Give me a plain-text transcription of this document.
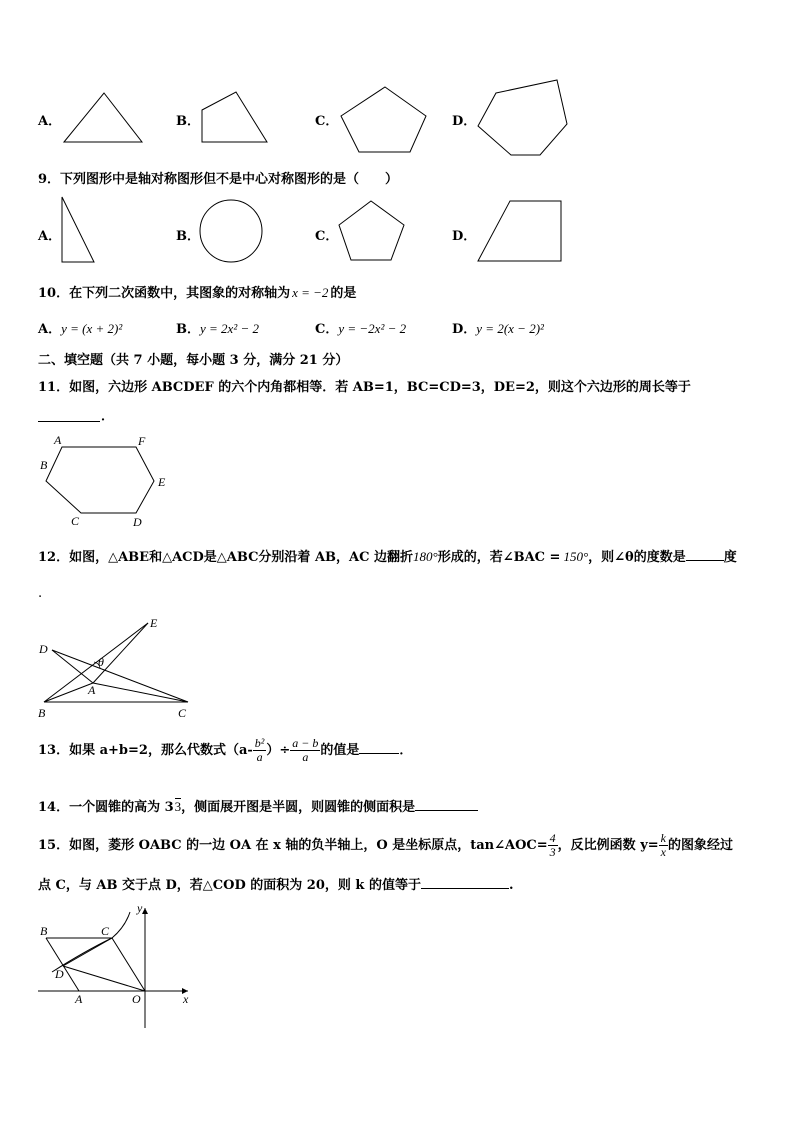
A．	B．	C．	D．
9．下列图形中是轴对称图形但不是中心对称图形的是（　　）
A．	B．	C．	D．
10．在下列二次函数中，其图象的对称轴为 x = −2 的是
A．y = (x + 2)²	B．y = 2x² − 2	C．y = −2x² − 2	D．y = 2(x − 2)²
二、填空题（共 7 小题，每小题 3 分，满分 21 分）
11．如图，六边形 ABCDEF 的六个内角都相等．若 AB=1，BC=CD=3，DE=2，则这个六边形的周长等于
．
A
B
C	D
E
F
12．如图，△ABE和△ACD是△ABC分别沿着 AB，AC 边翻折180°形成的，若∠BAC = 150°，则∠θ的度数是	度
.
D
E
θ
A
B	C
13．如果 a+b=2，那么代数式（$a- \frac{\text{b²}}{a}$ ）÷ $\frac{a - b}{a}$ 的值是	．
14．一个圆锥的高为 33，侧面展开图是半圆，则圆锥的侧面积是
15．如图，菱形 OABC 的一边 OA 在 x 轴的负半轴上，O 是坐标原点，tan∠AOC= $\frac{4}{3}$ ，反比例函数 $y= \frac{k}{x}$ 的图象经过
点 C，与 AB 交于点 D，若△COD 的面积为 20，则 k 的值等于	.
y
B	C
D
A	O	x
